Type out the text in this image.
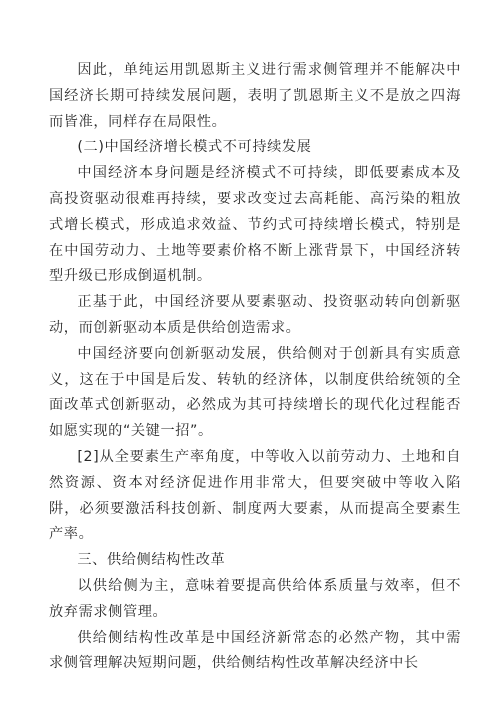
因此，单纯运用凯恩斯主义进行需求侧管理并不能解决中国经济长期可持续发展问题，表明了凯恩斯主义不是放之四海而皆准，同样存在局限性。

(二)中国经济增长模式不可持续发展

中国经济本身问题是经济模式不可持续，即低要素成本及高投资驱动很难再持续，要求改变过去高耗能、高污染的粗放式增长模式，形成追求效益、节约式可持续增长模式，特别是在中国劳动力、土地等要素价格不断上涨背景下，中国经济转型升级已形成倒逼机制。

正基于此，中国经济要从要素驱动、投资驱动转向创新驱动，而创新驱动本质是供给创造需求。

中国经济要向创新驱动发展，供给侧对于创新具有实质意义，这在于中国是后发、转轨的经济体，以制度供给统领的全面改革式创新驱动，必然成为其可持续增长的现代化过程能否如愿实现的“关键一招”。

[2]从全要素生产率角度，中等收入以前劳动力、土地和自然资源、资本对经济促进作用非常大，但要突破中等收入陷阱，必须要激活科技创新、制度两大要素，从而提高全要素生产率。

三、供给侧结构性改革

以供给侧为主，意味着要提高供给体系质量与效率，但不放弃需求侧管理。

供给侧结构性改革是中国经济新常态的必然产物，其中需求侧管理解决短期问题，供给侧结构性改革解决经济中长
